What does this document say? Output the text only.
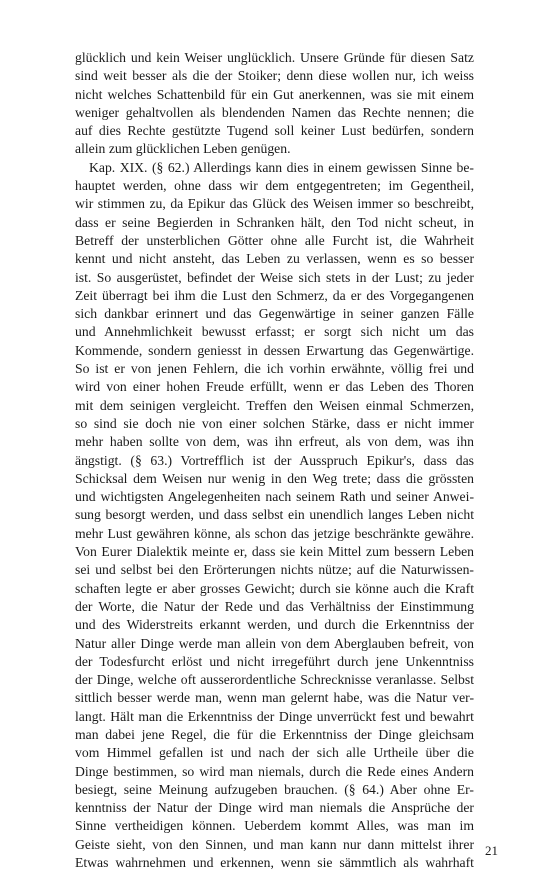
glücklich und kein Weiser unglücklich. Unsere Gründe für diesen Satz
sind weit besser als die der Stoiker; denn diese wollen nur, ich weiss
nicht welches Schattenbild für ein Gut anerkennen, was sie mit einem
weniger gehaltvollen als blendenden Namen das Rechte nennen; die
auf dies Rechte gestützte Tugend soll keiner Lust bedürfen, sondern
allein zum glücklichen Leben genügen.
Kap. XIX. (§ 62.) Allerdings kann dies in einem gewissen Sinne be-
hauptet werden, ohne dass wir dem entgegentreten; im Gegentheil,
wir stimmen zu, da Epikur das Glück des Weisen immer so beschreibt,
dass er seine Begierden in Schranken hält, den Tod nicht scheut, in
Betreff der unsterblichen Götter ohne alle Furcht ist, die Wahrheit
kennt und nicht ansteht, das Leben zu verlassen, wenn es so besser
ist. So ausgerüstet, befindet der Weise sich stets in der Lust; zu jeder
Zeit überragt bei ihm die Lust den Schmerz, da er des Vorgegangenen
sich dankbar erinnert und das Gegenwärtige in seiner ganzen Fälle
und Annehmlichkeit bewusst erfasst; er sorgt sich nicht um das
Kommende, sondern geniesst in dessen Erwartung das Gegenwärtige.
So ist er von jenen Fehlern, die ich vorhin erwähnte, völlig frei und
wird von einer hohen Freude erfüllt, wenn er das Leben des Thoren
mit dem seinigen vergleicht. Treffen den Weisen einmal Schmerzen,
so sind sie doch nie von einer solchen Stärke, dass er nicht immer
mehr haben sollte von dem, was ihn erfreut, als von dem, was ihn
ängstigt. (§ 63.) Vortrefflich ist der Ausspruch Epikur's, dass das
Schicksal dem Weisen nur wenig in den Weg trete; dass die grössten
und wichtigsten Angelegenheiten nach seinem Rath und seiner Anwei-
sung besorgt werden, und dass selbst ein unendlich langes Leben nicht
mehr Lust gewähren könne, als schon das jetzige beschränkte gewähre.
Von Eurer Dialektik meinte er, dass sie kein Mittel zum bessern Leben
sei und selbst bei den Erörterungen nichts nütze; auf die Naturwissen-
schaften legte er aber grosses Gewicht; durch sie könne auch die Kraft
der Worte, die Natur der Rede und das Verhältniss der Einstimmung
und des Widerstreits erkannt werden, und durch die Erkenntniss der
Natur aller Dinge werde man allein von dem Aberglauben befreit, von
der Todesfurcht erlöst und nicht irregeführt durch jene Unkenntniss
der Dinge, welche oft ausserordentliche Schrecknisse veranlasse. Selbst
sittlich besser werde man, wenn man gelernt habe, was die Natur ver-
langt. Hält man die Erkenntniss der Dinge unverrückt fest und bewahrt
man dabei jene Regel, die für die Erkenntniss der Dinge gleichsam
vom Himmel gefallen ist und nach der sich alle Urtheile über die
Dinge bestimmen, so wird man niemals, durch die Rede eines Andern
besiegt, seine Meinung aufzugeben brauchen. (§ 64.) Aber ohne Er-
kenntniss der Natur der Dinge wird man niemals die Ansprüche der
Sinne vertheidigen können. Ueberdem kommt Alles, was man im
Geiste sieht, von den Sinnen, und man kann nur dann mittelst ihrer
Etwas wahrnehmen und erkennen, wenn sie sämmtlich als wahrhaft
21
